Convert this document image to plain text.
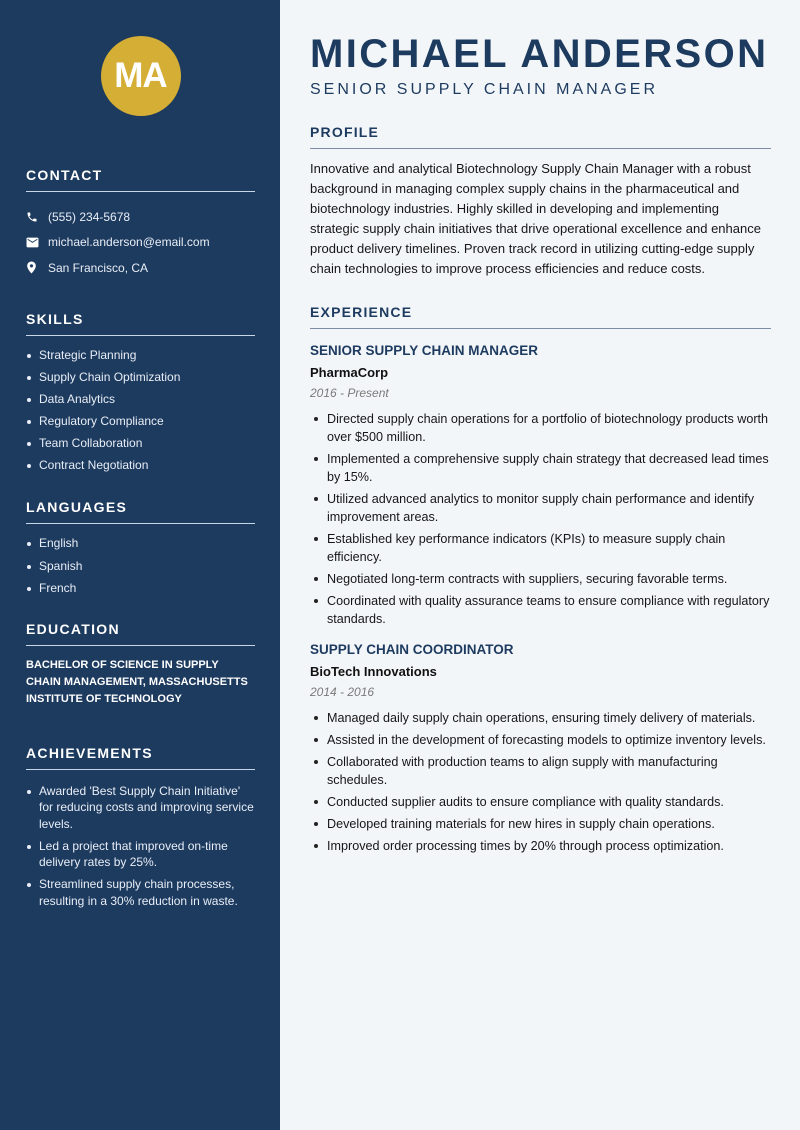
MA
CONTACT
(555) 234-5678
michael.anderson@email.com
San Francisco, CA
SKILLS
Strategic Planning
Supply Chain Optimization
Data Analytics
Regulatory Compliance
Team Collaboration
Contract Negotiation
LANGUAGES
English
Spanish
French
EDUCATION

BACHELOR OF SCIENCE IN SUPPLY CHAIN MANAGEMENT, MASSACHUSETTS INSTITUTE OF TECHNOLOGY

ACHIEVEMENTS
Awarded 'Best Supply Chain Initiative' for reducing costs and improving service levels.
Led a project that improved on-time delivery rates by 25%.
Streamlined supply chain processes, resulting in a 30% reduction in waste.
MICHAEL ANDERSON
SENIOR SUPPLY CHAIN MANAGER
PROFILE

Innovative and analytical Biotechnology Supply Chain Manager with a robust background in managing complex supply chains in the pharmaceutical and biotechnology industries. Highly skilled in developing and implementing strategic supply chain initiatives that drive operational excellence and enhance product delivery timelines. Proven track record in utilizing cutting-edge supply chain technologies to improve process efficiencies and reduce costs.

EXPERIENCE
SENIOR SUPPLY CHAIN MANAGER
PharmaCorp
2016 - Present
Directed supply chain operations for a portfolio of biotechnology products worth over $500 million.
Implemented a comprehensive supply chain strategy that decreased lead times by 15%.
Utilized advanced analytics to monitor supply chain performance and identify improvement areas.
Established key performance indicators (KPIs) to measure supply chain efficiency.
Negotiated long-term contracts with suppliers, securing favorable terms.
Coordinated with quality assurance teams to ensure compliance with regulatory standards.
SUPPLY CHAIN COORDINATOR
BioTech Innovations
2014 - 2016
Managed daily supply chain operations, ensuring timely delivery of materials.
Assisted in the development of forecasting models to optimize inventory levels.
Collaborated with production teams to align supply with manufacturing schedules.
Conducted supplier audits to ensure compliance with quality standards.
Developed training materials for new hires in supply chain operations.
Improved order processing times by 20% through process optimization.
